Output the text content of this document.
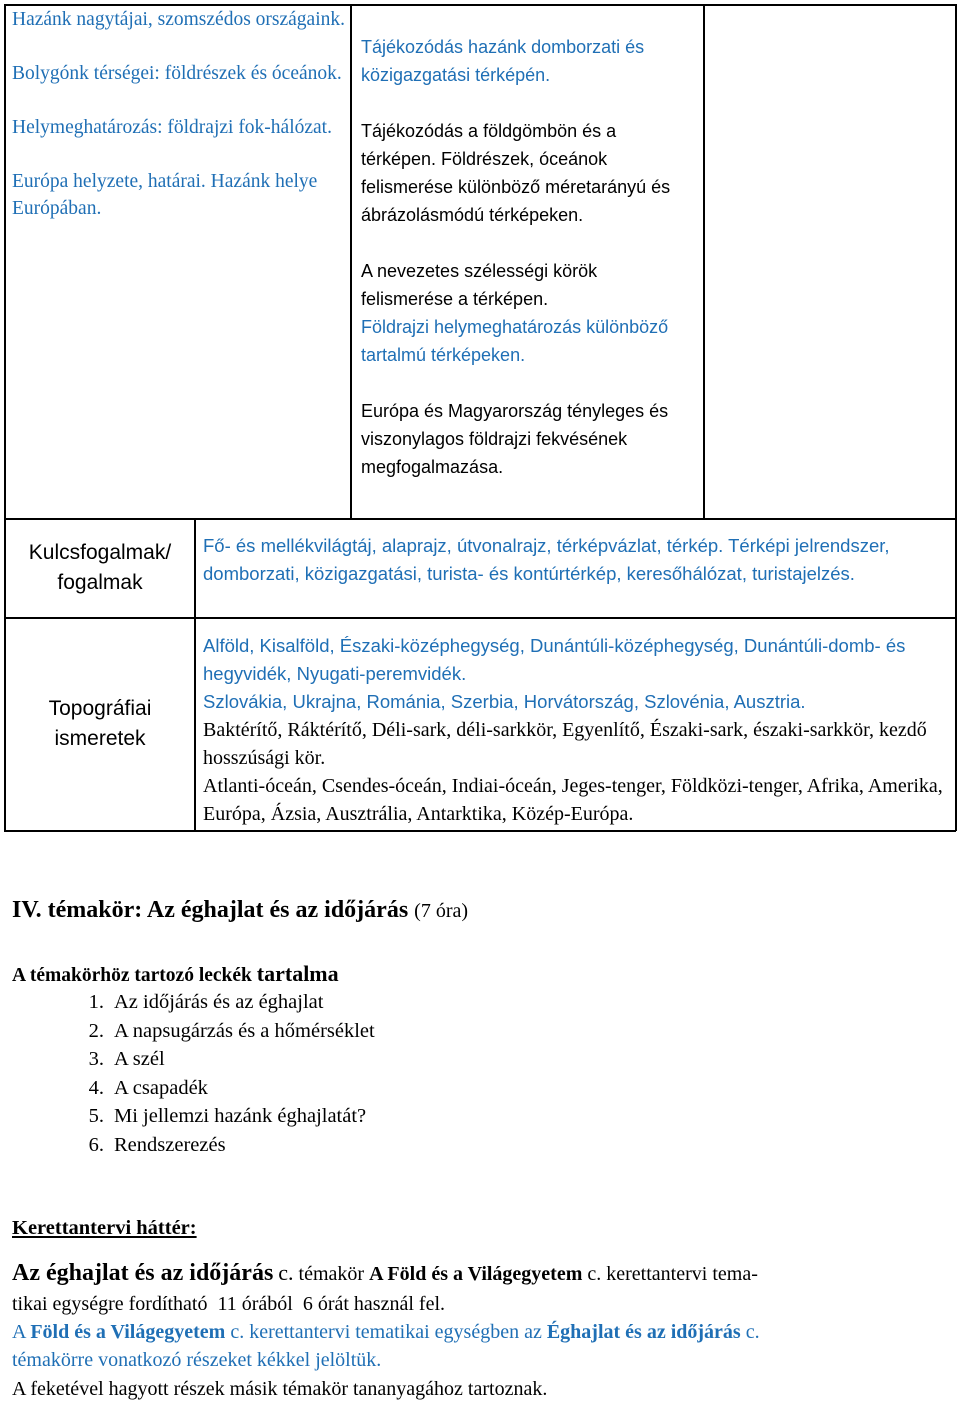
Hazánk nagytájai, szomszédos országaink.

Bolygónk térségei: földrészek és óceánok.

Helymeghatározás: földrajzi fok-hálózat.

Európa helyzete, határai. Hazánk helye Európában.

Tájékozódás hazánk domborzati és közigazgatási térképén.

Tájékozódás a földgömbön és a térképen. Földrészek, óceánok felismerése különböző méretarányú és ábrázolásmódú térképeken.

A nevezetes szélességi körök felismerése a térképen.

Földrajzi helymeghatározás különböző tartalmú térképeken.

Európa és Magyarország tényleges és viszonylagos földrajzi fekvésének megfogalmazása.

Kulcsfogalmak/
fogalmak
Fő- és mellékvilágtáj, alaprajz, útvonalrajz, térképvázlat, térkép. Térképi jelrendszer, domborzati, közigazgatási, turista- és kontúrtérkép, keresőhálózat, turistajelzés.
Topográfiai
ismeretek

Alföld, Kisalföld, Északi-középhegység, Dunántúli-középhegység, Dunántúli-domb- és hegyvidék, Nyugati-peremvidék.

Szlovákia, Ukrajna, Románia, Szerbia, Horvátország, Szlovénia, Ausztria.

Baktérítő, Ráktérítő, Déli-sark, déli-sarkkör, Egyenlítő, Északi-sark, északi-sarkkör, kezdő hosszúsági kör.

Atlanti-óceán, Csendes-óceán, Indiai-óceán, Jeges-tenger, Földközi-tenger, Afrika, Amerika, Európa, Ázsia, Ausztrália, Antarktika, Közép-Európa.

IV. témakör: Az éghajlat és az időjárás (7 óra)
A témakörhöz tartozó leckék tartalma
1. Az időjárás és az éghajlat
2. A napsugárzás és a hőmérséklet
3. A szél
4. A csapadék
5. Mi jellemzi hazánk éghajlatát?
6. Rendszerezés
Kerettantervi háttér:
Az éghajlat és az időjárás c. témakör A Föld és a Világegyetem c. kerettantervi tema-
tikai egységre fordítható  11 órából  6 órát használ fel.
A Föld és a Világegyetem c. kerettantervi tematikai egységben az Éghajlat és az időjárás c.
témakörre vonatkozó részeket kékkel jelöltük.
A feketével hagyott részek másik témakör tananyagához tartoznak.
